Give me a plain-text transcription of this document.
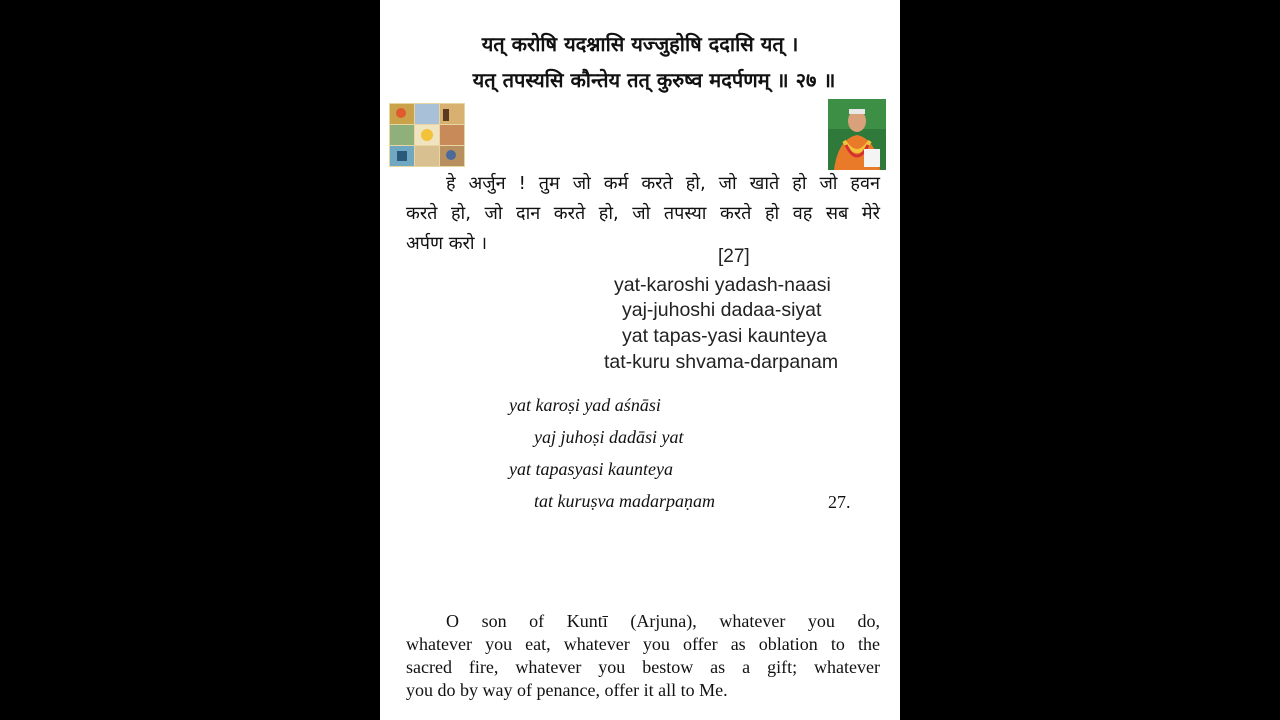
यत् करोषि यदश्नासि यज्जुहोषि ददासि यत् ।
यत् तपस्यसि कौन्तेय तत् कुरुष्व मदर्पणम् ॥ २७ ॥
हे अर्जुन ! तुम जो कर्म करते हो, जो खाते हो जो हवन
करते हो, जो दान करते हो, जो तपस्या करते हो वह सब मेरे
अर्पण करो ।
[27]
yat-karoshi yadash-naasi
yaj-juhoshi dadaa-siyat
yat tapas-yasi kaunteya
tat-kuru shvama-darpanam
yat karoṣi yad aśnāsi
yaj juhoṣi dadāsi yat
yat tapasyasi kaunteya
tat kuruṣva madarpaṇam	27.
O son of Kuntī (Arjuna), whatever you do,
whatever you eat, whatever you offer as oblation to the
sacred fire, whatever you bestow as a gift; whatever
you do by way of penance, offer it all to Me.
